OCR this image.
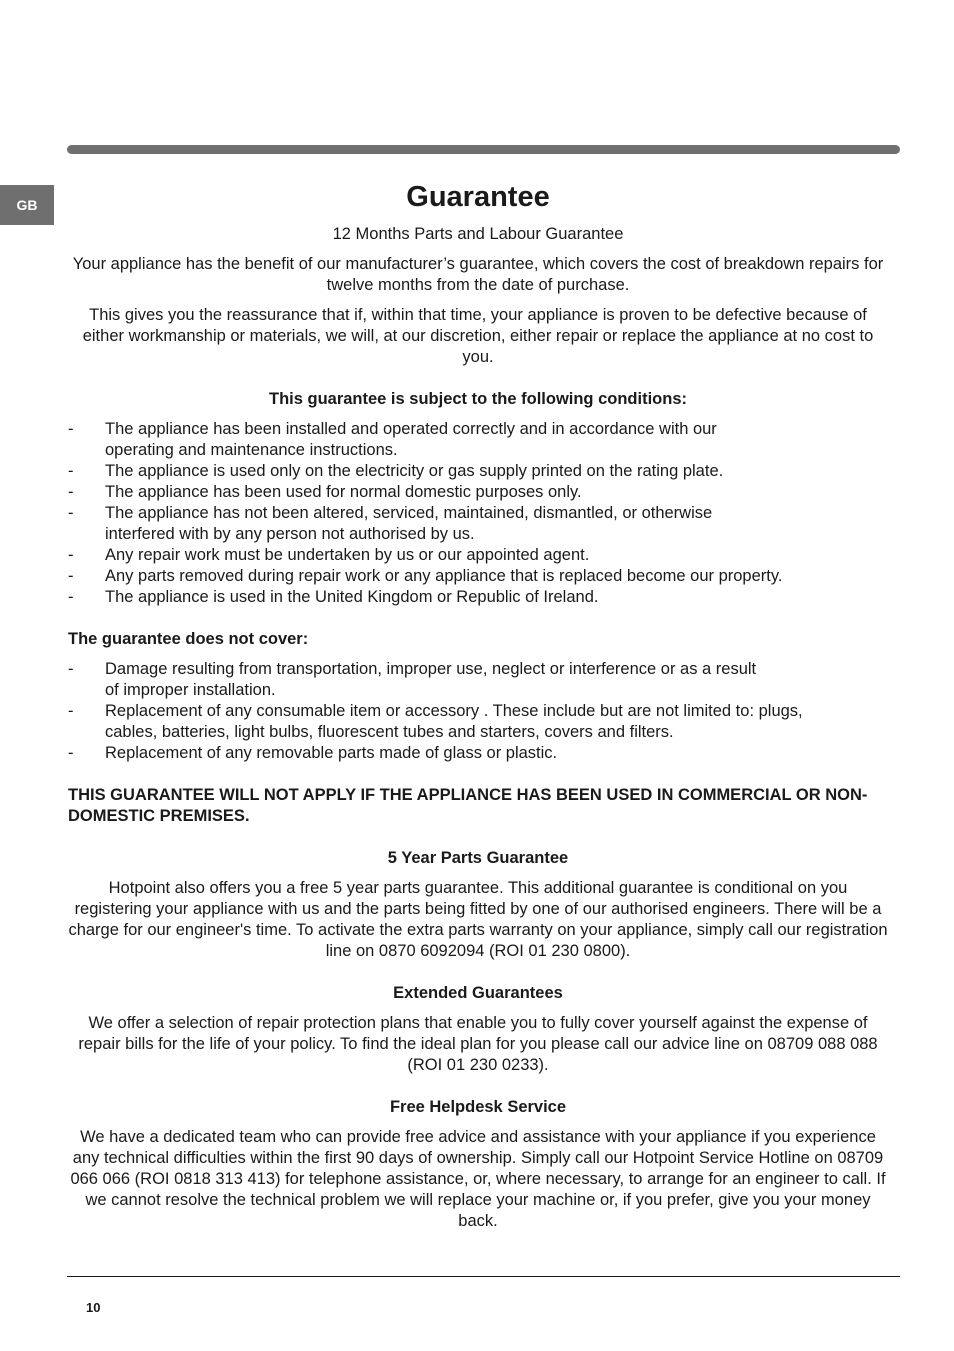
GB	Guarantee

12 Months Parts and Labour Guarantee

Your appliance has the benefit of our manufacturer’s guarantee, which covers the cost of breakdown repairs for twelve months from the date of purchase.

This gives you the reassurance that if, within that time, your appliance is proven to be defective because of either workmanship or materials, we will, at our discretion, either repair or replace the appliance at no cost to you.

This guarantee is subject to the following conditions:

- The appliance has been installed and operated correctly and in accordance with our
operating and maintenance instructions.
- The appliance is used only on the electricity or gas supply printed on the rating plate.
- The appliance has been used for normal domestic purposes only.
- The appliance has not been altered, serviced, maintained, dismantled, or otherwise
interfered with by any person not authorised by us.
- Any repair work must be undertaken by us or our appointed agent.
- Any parts removed during repair work or any appliance that is replaced become our property.
- The appliance is used in the United Kingdom or Republic of Ireland.

The guarantee does not cover:

- Damage resulting from transportation, improper use, neglect or interference or as a result
of improper installation.
- Replacement of any consumable item or accessory . These include but are not limited to: plugs,
cables, batteries, light bulbs, fluorescent tubes and starters, covers and filters.
- Replacement of any removable parts made of glass or plastic.

THIS GUARANTEE WILL NOT APPLY IF THE APPLIANCE HAS BEEN USED IN COMMERCIAL OR NON-DOMESTIC PREMISES.

5 Year Parts Guarantee

Hotpoint also offers you a free 5 year parts guarantee. This additional guarantee is conditional on you registering your appliance with us and the parts being fitted by one of our authorised engineers. There will be a charge for our engineer's time. To activate the extra parts warranty on your appliance, simply call our registration line on 0870 6092094 (ROI 01 230 0800).

Extended Guarantees

We offer a selection of repair protection plans that enable you to fully cover yourself against the expense of repair bills for the life of your policy. To find the ideal plan for you please call our advice line on 08709 088 088 (ROI 01 230 0233).

Free Helpdesk Service

We have a dedicated team who can provide free advice and assistance with your appliance if you experience any technical difficulties within the first 90 days of ownership. Simply call our Hotpoint Service Hotline on 08709 066 066 (ROI 0818 313 413) for telephone assistance, or, where necessary, to arrange for an engineer to call. If we cannot resolve the technical problem we will replace your machine or, if you prefer, give you your money back.

10
